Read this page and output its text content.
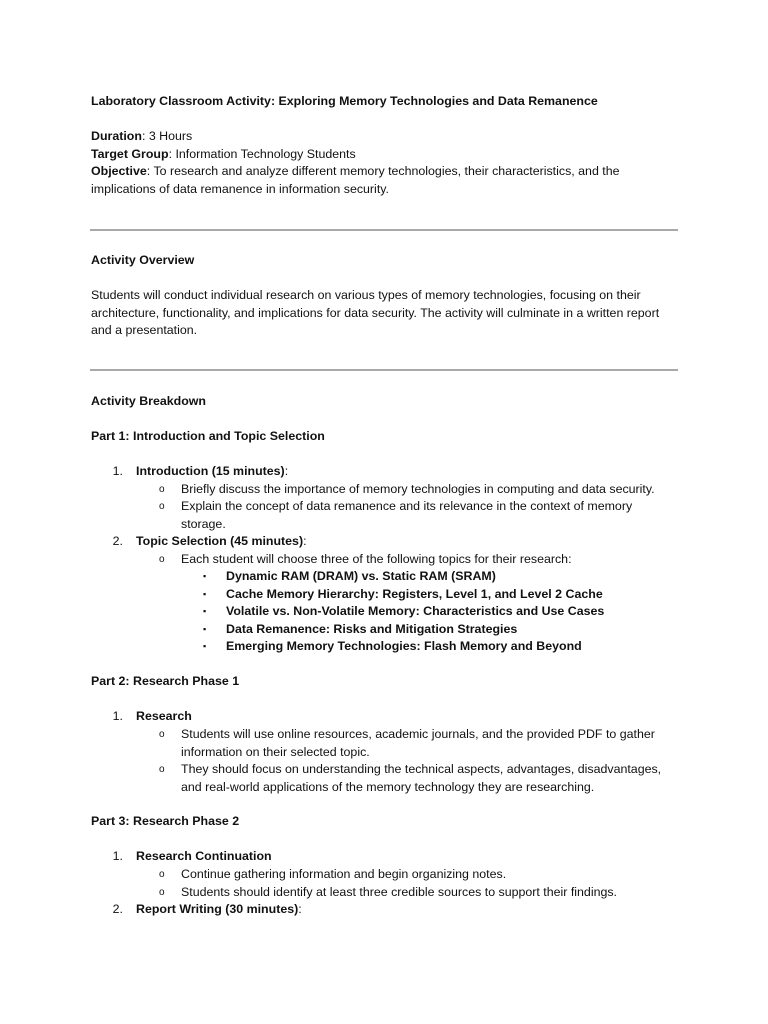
Laboratory Classroom Activity: Exploring Memory Technologies and Data Remanence
Duration: 3 Hours
Target Group: Information Technology Students
Objective: To research and analyze different memory technologies, their characteristics, and the implications of data remanence in information security.
Activity Overview
Students will conduct individual research on various types of memory technologies, focusing on their architecture, functionality, and implications for data security. The activity will culminate in a written report and a presentation.
Activity Breakdown
Part 1: Introduction and Topic Selection
1. Introduction (15 minutes):
o Briefly discuss the importance of memory technologies in computing and data security.
o Explain the concept of data remanence and its relevance in the context of memory storage.
2. Topic Selection (45 minutes):
o Each student will choose three of the following topics for their research:
▪ Dynamic RAM (DRAM) vs. Static RAM (SRAM)
▪ Cache Memory Hierarchy: Registers, Level 1, and Level 2 Cache
▪ Volatile vs. Non-Volatile Memory: Characteristics and Use Cases
▪ Data Remanence: Risks and Mitigation Strategies
▪ Emerging Memory Technologies: Flash Memory and Beyond
Part 2: Research Phase 1
1. Research
o Students will use online resources, academic journals, and the provided PDF to gather information on their selected topic.
o They should focus on understanding the technical aspects, advantages, disadvantages, and real-world applications of the memory technology they are researching.
Part 3: Research Phase 2
1. Research Continuation
o Continue gathering information and begin organizing notes.
o Students should identify at least three credible sources to support their findings.
2. Report Writing (30 minutes):
